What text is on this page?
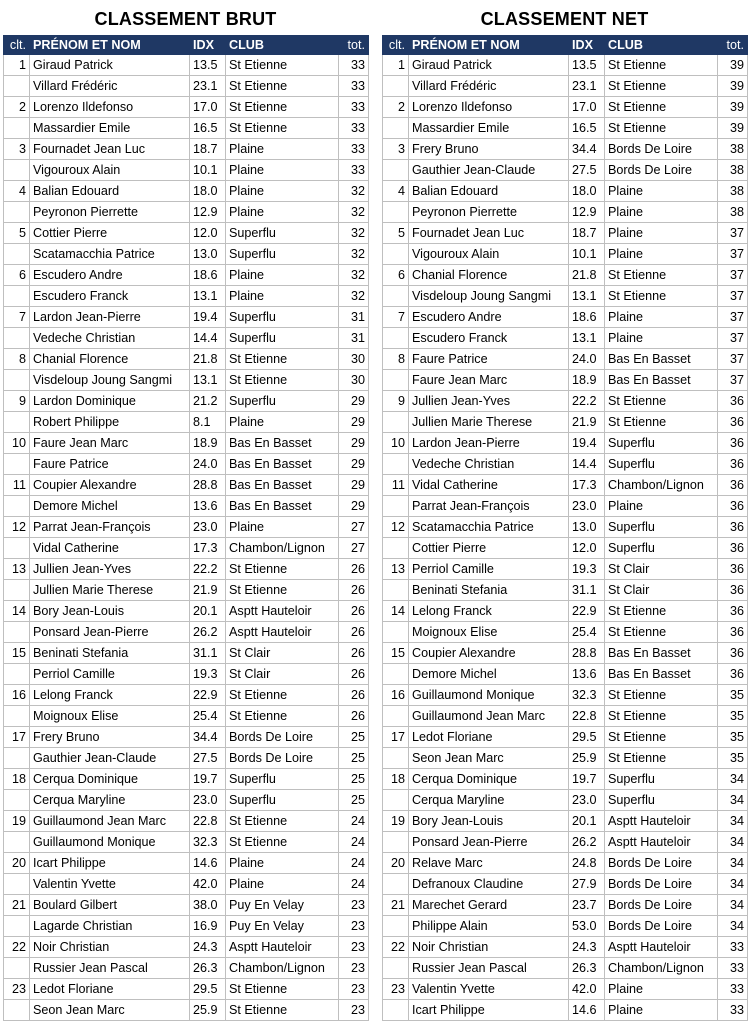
CLASSEMENT BRUT
clt.	PRÉNOM ET NOM	IDX	CLUB	tot.
1	Giraud Patrick	13.5	St Etienne	33
	Villard Frédéric	23.1	St Etienne	33
2	Lorenzo Ildefonso	17.0	St Etienne	33
	Massardier Emile	16.5	St Etienne	33
3	Fournadet Jean Luc	18.7	Plaine	33
	Vigouroux Alain	10.1	Plaine	33
4	Balian Edouard	18.0	Plaine	32
	Peyronon Pierrette	12.9	Plaine	32
5	Cottier Pierre	12.0	Superflu	32
	Scatamacchia Patrice	13.0	Superflu	32
6	Escudero Andre	18.6	Plaine	32
	Escudero Franck	13.1	Plaine	32
7	Lardon Jean-Pierre	19.4	Superflu	31
	Vedeche Christian	14.4	Superflu	31
8	Chanial Florence	21.8	St Etienne	30
	Visdeloup Joung Sangmi	13.1	St Etienne	30
9	Lardon Dominique	21.2	Superflu	29
	Robert Philippe	8.1	Plaine	29
10	Faure Jean Marc	18.9	Bas En Basset	29
	Faure Patrice	24.0	Bas En Basset	29
11	Coupier Alexandre	28.8	Bas En Basset	29
	Demore Michel	13.6	Bas En Basset	29
12	Parrat Jean-François	23.0	Plaine	27
	Vidal Catherine	17.3	Chambon/Lignon	27
13	Jullien Jean-Yves	22.2	St Etienne	26
	Jullien Marie Therese	21.9	St Etienne	26
14	Bory Jean-Louis	20.1	Asptt Hauteloir	26
	Ponsard Jean-Pierre	26.2	Asptt Hauteloir	26
15	Beninati Stefania	31.1	St Clair	26
	Perriol Camille	19.3	St Clair	26
16	Lelong Franck	22.9	St Etienne	26
	Moignoux Elise	25.4	St Etienne	26
17	Frery Bruno	34.4	Bords De Loire	25
	Gauthier Jean-Claude	27.5	Bords De Loire	25
18	Cerqua Dominique	19.7	Superflu	25
	Cerqua Maryline	23.0	Superflu	25
19	Guillaumond Jean Marc	22.8	St Etienne	24
	Guillaumond Monique	32.3	St Etienne	24
20	Icart Philippe	14.6	Plaine	24
	Valentin Yvette	42.0	Plaine	24
21	Boulard Gilbert	38.0	Puy En Velay	23
	Lagarde Christian	16.9	Puy En Velay	23
22	Noir Christian	24.3	Asptt Hauteloir	23
	Russier Jean Pascal	26.3	Chambon/Lignon	23
23	Ledot Floriane	29.5	St Etienne	23
	Seon Jean Marc	25.9	St Etienne	23
CLASSEMENT NET
clt.	PRÉNOM ET NOM	IDX	CLUB	tot.
1	Giraud Patrick	13.5	St Etienne	39
	Villard Frédéric	23.1	St Etienne	39
2	Lorenzo Ildefonso	17.0	St Etienne	39
	Massardier Emile	16.5	St Etienne	39
3	Frery Bruno	34.4	Bords De Loire	38
	Gauthier Jean-Claude	27.5	Bords De Loire	38
4	Balian Edouard	18.0	Plaine	38
	Peyronon Pierrette	12.9	Plaine	38
5	Fournadet Jean Luc	18.7	Plaine	37
	Vigouroux Alain	10.1	Plaine	37
6	Chanial Florence	21.8	St Etienne	37
	Visdeloup Joung Sangmi	13.1	St Etienne	37
7	Escudero Andre	18.6	Plaine	37
	Escudero Franck	13.1	Plaine	37
8	Faure Patrice	24.0	Bas En Basset	37
	Faure Jean Marc	18.9	Bas En Basset	37
9	Jullien Jean-Yves	22.2	St Etienne	36
	Jullien Marie Therese	21.9	St Etienne	36
10	Lardon Jean-Pierre	19.4	Superflu	36
	Vedeche Christian	14.4	Superflu	36
11	Vidal Catherine	17.3	Chambon/Lignon	36
	Parrat Jean-François	23.0	Plaine	36
12	Scatamacchia Patrice	13.0	Superflu	36
	Cottier Pierre	12.0	Superflu	36
13	Perriol Camille	19.3	St Clair	36
	Beninati Stefania	31.1	St Clair	36
14	Lelong Franck	22.9	St Etienne	36
	Moignoux Elise	25.4	St Etienne	36
15	Coupier Alexandre	28.8	Bas En Basset	36
	Demore Michel	13.6	Bas En Basset	36
16	Guillaumond Monique	32.3	St Etienne	35
	Guillaumond Jean Marc	22.8	St Etienne	35
17	Ledot Floriane	29.5	St Etienne	35
	Seon Jean Marc	25.9	St Etienne	35
18	Cerqua Dominique	19.7	Superflu	34
	Cerqua Maryline	23.0	Superflu	34
19	Bory Jean-Louis	20.1	Asptt Hauteloir	34
	Ponsard Jean-Pierre	26.2	Asptt Hauteloir	34
20	Relave Marc	24.8	Bords De Loire	34
	Defranoux Claudine	27.9	Bords De Loire	34
21	Marechet Gerard	23.7	Bords De Loire	34
	Philippe Alain	53.0	Bords De Loire	34
22	Noir Christian	24.3	Asptt Hauteloir	33
	Russier Jean Pascal	26.3	Chambon/Lignon	33
23	Valentin Yvette	42.0	Plaine	33
	Icart Philippe	14.6	Plaine	33
